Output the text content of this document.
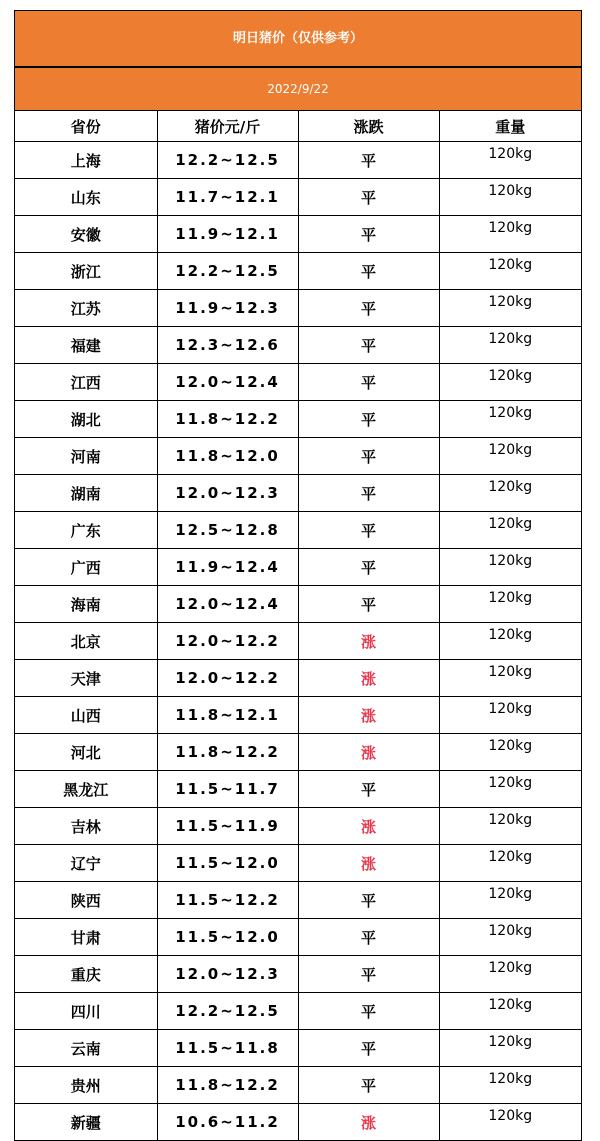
明日猪价（仅供参考）
2022/9/22
省份	猪价元/斤	涨跌	重量
上海	12.2~12.5	平	120kg
山东	11.7~12.1	平	120kg
安徽	11.9~12.1	平	120kg
浙江	12.2~12.5	平	120kg
江苏	11.9~12.3	平	120kg
福建	12.3~12.6	平	120kg
江西	12.0~12.4	平	120kg
湖北	11.8~12.2	平	120kg
河南	11.8~12.0	平	120kg
湖南	12.0~12.3	平	120kg
广东	12.5~12.8	平	120kg
广西	11.9~12.4	平	120kg
海南	12.0~12.4	平	120kg
北京	12.0~12.2	涨	120kg
天津	12.0~12.2	涨	120kg
山西	11.8~12.1	涨	120kg
河北	11.8~12.2	涨	120kg
黑龙江	11.5~11.7	平	120kg
吉林	11.5~11.9	涨	120kg
辽宁	11.5~12.0	涨	120kg
陕西	11.5~12.2	平	120kg
甘肃	11.5~12.0	平	120kg
重庆	12.0~12.3	平	120kg
四川	12.2~12.5	平	120kg
云南	11.5~11.8	平	120kg
贵州	11.8~12.2	平	120kg
新疆	10.6~11.2	涨	120kg
